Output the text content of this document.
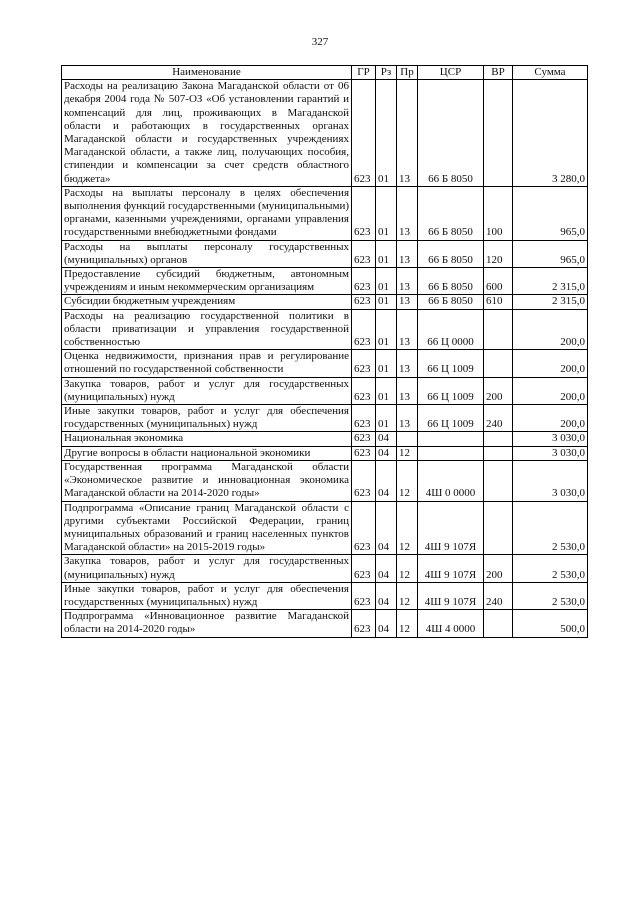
327
Наименование	ГР	Рз	Пр	ЦСР	ВР	Сумма
Расходы на реализацию Закона Магаданской области от 06 декабря 2004 года № 507-ОЗ «Об установлении гарантий и компенсаций для лиц, проживающих в Магаданской области и работающих в государственных органах Магаданской области и государственных учреждениях Магаданской области, а также лиц, получающих пособия, стипендии и компенсации за счет средств областного бюджета»	623	01	13	66 Б 8050		3 280,0
Расходы на выплаты персоналу в целях обеспечения выполнения функций государственными (муниципальными) органами, казенными учреждениями, органами управления государственными внебюджетными фондами	623	01	13	66 Б 8050	100	965,0
Расходы на выплаты персоналу государственных (муниципальных) органов	623	01	13	66 Б 8050	120	965,0
Предоставление субсидий бюджетным, автономным учреждениям и иным некоммерческим организациям	623	01	13	66 Б 8050	600	2 315,0
Субсидии бюджетным учреждениям	623	01	13	66 Б 8050	610	2 315,0
Расходы на реализацию государственной политики в области приватизации и управления государственной собственностью	623	01	13	66 Ц 0000		200,0
Оценка недвижимости, признания прав и регулирование отношений по государственной собственности	623	01	13	66 Ц 1009		200,0
Закупка товаров, работ и услуг для государственных (муниципальных) нужд	623	01	13	66 Ц 1009	200	200,0
Иные закупки товаров, работ и услуг для обеспечения государственных (муниципальных) нужд	623	01	13	66 Ц 1009	240	200,0
Национальная экономика	623	04				3 030,0
Другие вопросы в области национальной экономики	623	04	12			3 030,0
Государственная программа Магаданской области «Экономическое развитие и инновационная экономика Магаданской области на 2014-2020 годы»	623	04	12	4Ш 0 0000		3 030,0
Подпрограмма «Описание границ Магаданской области с другими субъектами Российской Федерации, границ муниципальных образований и границ населенных пунктов Магаданской области» на 2015-2019 годы»	623	04	12	4Ш 9 107Я		2 530,0
Закупка товаров, работ и услуг для государственных (муниципальных) нужд	623	04	12	4Ш 9 107Я	200	2 530,0
Иные закупки товаров, работ и услуг для обеспечения государственных (муниципальных) нужд	623	04	12	4Ш 9 107Я	240	2 530,0
Подпрограмма «Инновационное развитие Магаданской области на 2014-2020 годы»	623	04	12	4Ш 4 0000		500,0
